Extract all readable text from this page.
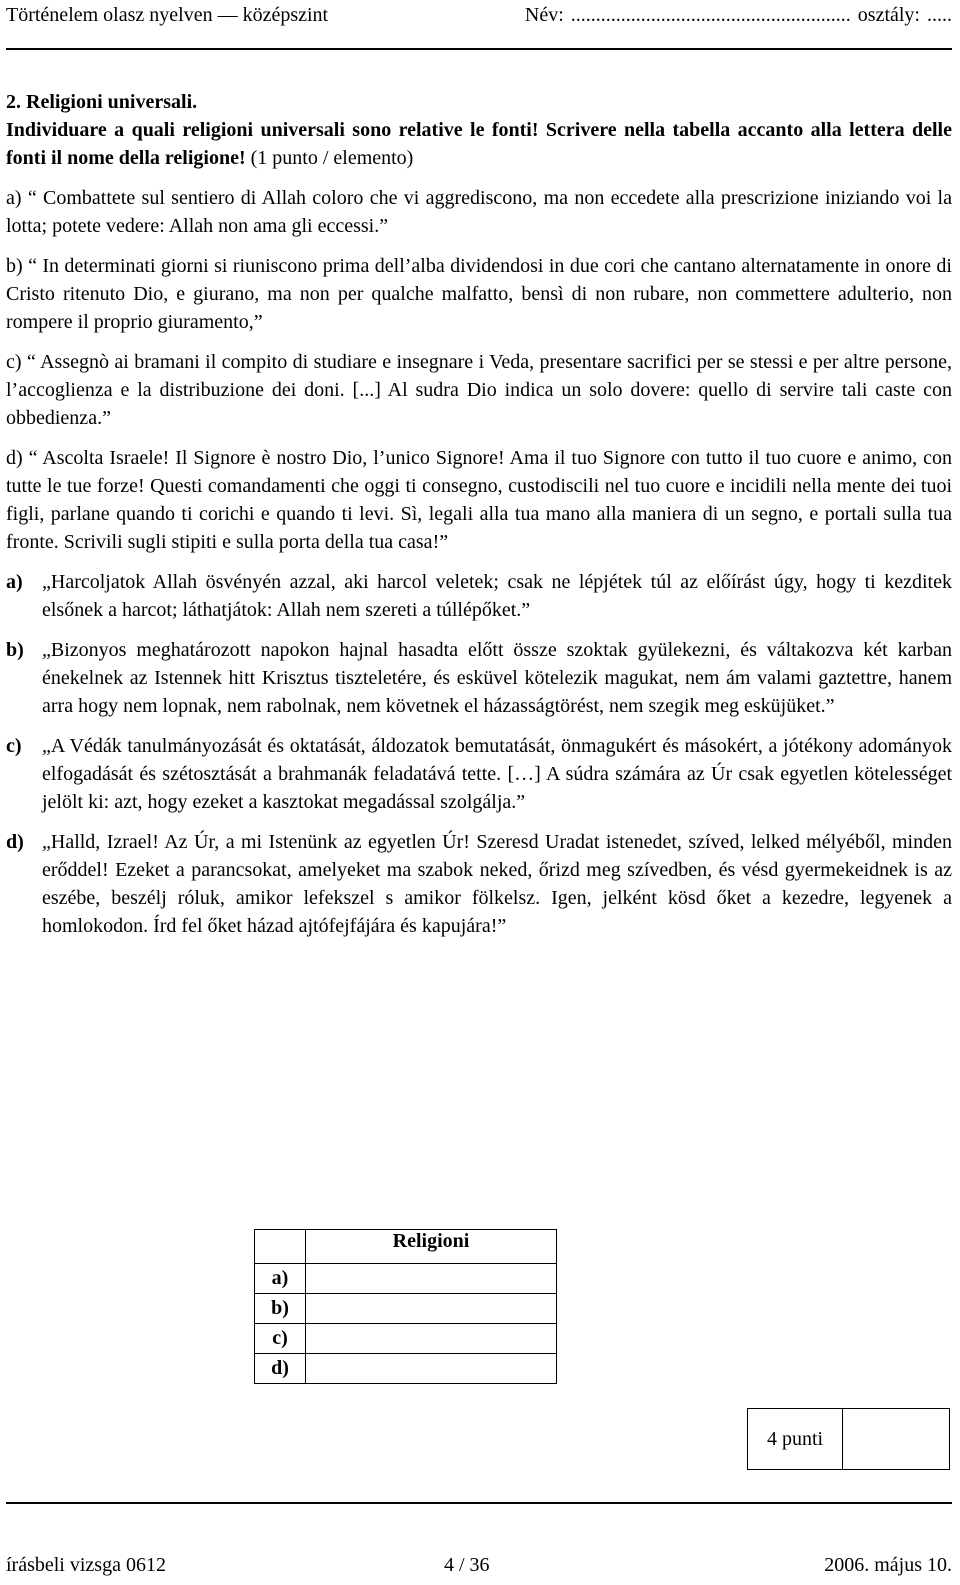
Történelem olasz nyelven — középszint	Név: ........................................................ osztály: .....

2. Religioni universali.

Individuare a quali religioni universali sono relative le fonti! Scrivere nella tabella accanto alla lettera delle fonti il nome della religione! (1 punto / elemento)

a) “ Combattete sul sentiero di Allah coloro che vi aggrediscono, ma non eccedete alla prescrizione iniziando voi la lotta; potete vedere: Allah non ama gli eccessi.”

b) “ In determinati giorni si riuniscono prima dell’alba dividendosi in due cori che cantano alternatamente in onore di Cristo ritenuto Dio, e giurano, ma non per qualche malfatto, bensì di non rubare, non commettere adulterio, non rompere il proprio giuramento,”

c) “ Assegnò ai bramani il compito di studiare e insegnare i Veda, presentare sacrifici per se stessi e per altre persone, l’accoglienza e la distribuzione dei doni. [...] Al sudra Dio indica un solo dovere: quello di servire tali caste con obbedienza.”

d) “ Ascolta Israele! Il Signore è nostro Dio, l’unico Signore! Ama il tuo Signore con tutto il tuo cuore e animo, con tutte le tue forze! Questi comandamenti che oggi ti consegno, custodiscili nel tuo cuore e incidili nella mente dei tuoi figli, parlane quando ti corichi e quando ti levi. Sì, legali alla tua mano alla maniera di un segno, e portali sulla tua fronte. Scrivili sugli stipiti e sulla porta della tua casa!”

a) „Harcoljatok Allah ösvényén azzal, aki harcol veletek; csak ne lépjétek túl az előírást úgy, hogy ti kezditek elsőnek a harcot; láthatjátok: Allah nem szereti a túllépőket.”
b) „Bizonyos meghatározott napokon hajnal hasadta előtt össze szoktak gyülekezni, és váltakozva két karban énekelnek az Istennek hitt Krisztus tiszteletére, és esküvel kötelezik magukat, nem ám valami gaztettre, hanem arra hogy nem lopnak, nem rabolnak, nem követnek el házasságtörést, nem szegik meg esküjüket.”
c)	„A Védák tanulmányozását és oktatását, áldozatok bemutatását, önmagukért és másokért, a jótékony adományok elfogadását és szétosztását a brahmanák feladatává tette. […] A súdra számára az Úr csak egyetlen kötelességet jelölt ki: azt, hogy ezeket a kasztokat megadással szolgálja.”
d) „Halld, Izrael! Az Úr, a mi Istenünk az egyetlen Úr! Szeresd Uradat istenedet, szíved, lelked mélyéből, minden erőddel! Ezeket a parancsokat, amelyeket ma szabok neked, őrizd meg szívedben, és vésd gyermekeidnek is az eszébe, beszélj róluk, amikor lefekszel s amikor fölkelsz. Igen, jelként kösd őket a kezedre, legyenek a homlokodon. Írd fel őket házad ajtófejfájára és kapujára!”
	Religioni
a)	
b)	
c)	
d)	
4 punti	
írásbeli vizsga 0612	4 / 36	2006. május 10.
